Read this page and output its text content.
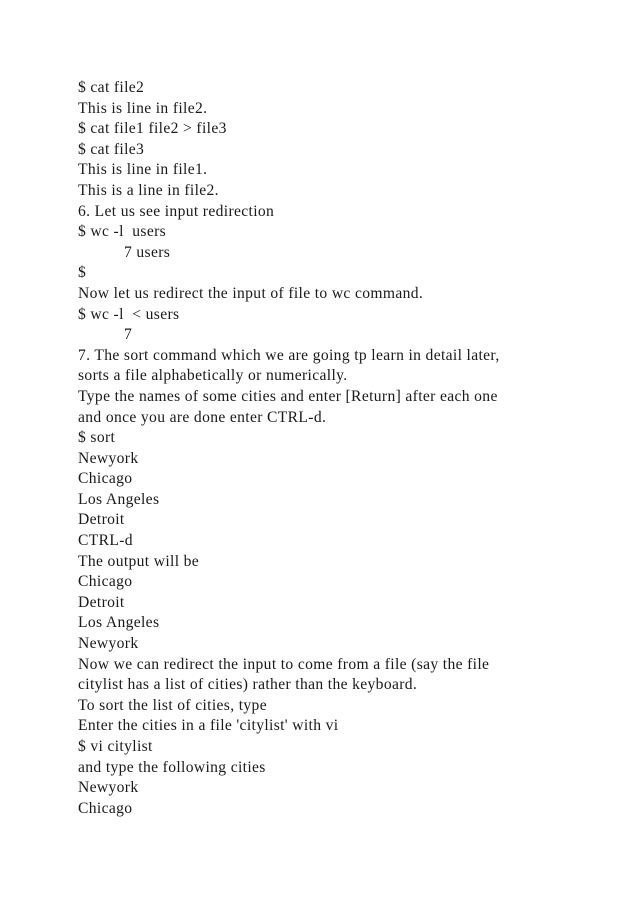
$ cat file2
This is line in file2.
$ cat file1 file2 > file3
$ cat file3
This is line in file1.
This is a line in file2.
6. Let us see input redirection
$ wc -l  users
7 users
$
Now let us redirect the input of file to wc command.
$ wc -l  < users
7
7. The sort command which we are going tp learn in detail later,
sorts a file alphabetically or numerically.
Type the names of some cities and enter [Return] after each one
and once you are done enter CTRL-d.
$ sort
Newyork
Chicago
Los Angeles
Detroit
CTRL-d
The output will be
Chicago
Detroit
Los Angeles
Newyork
Now we can redirect the input to come from a file (say the file
citylist has a list of cities) rather than the keyboard.
To sort the list of cities, type
Enter the cities in a file 'citylist' with vi
$ vi citylist
and type the following cities
Newyork
Chicago
